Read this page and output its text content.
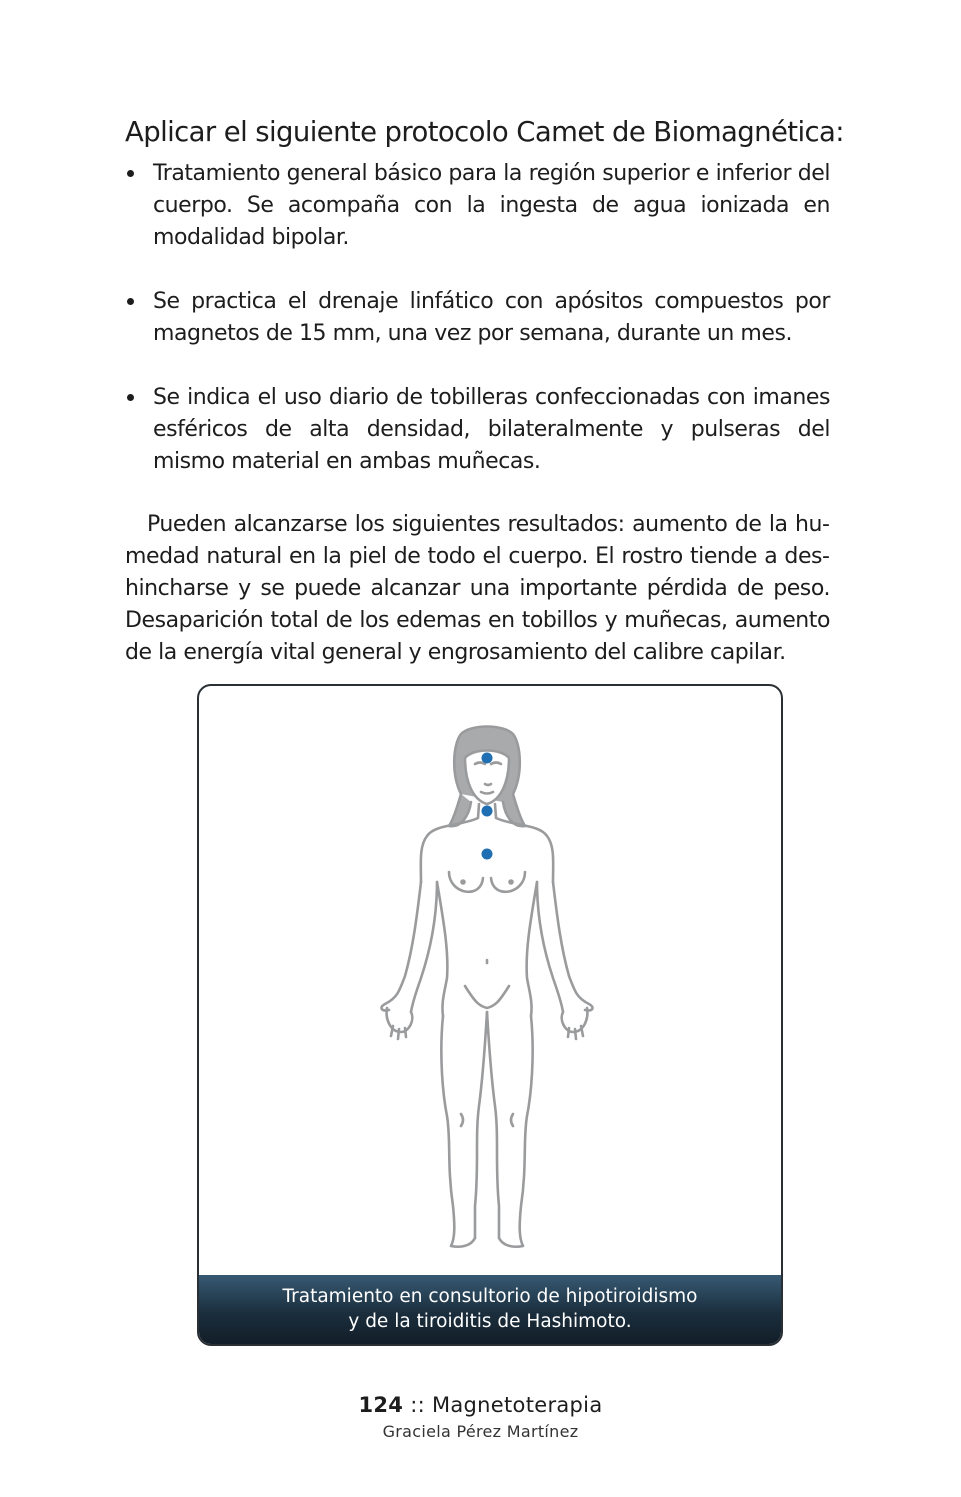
Aplicar el siguiente protocolo Camet de Biomagnética:
Tratamiento general básico para la región superior e inferior del cuerpo. Se acompaña con la ingesta de agua ionizada en modalidad bipolar.
Se practica el drenaje linfático con apósitos compuestos por magnetos de 15 mm, una vez por semana, durante un mes.
Se indica el uso diario de tobilleras confeccionadas con imanes esféricos de alta densidad, bilateralmente y pulseras del mismo material en ambas muñecas.

Pueden alcanzarse los siguientes resultados: aumento de la humedad natural en la piel de todo el cuerpo. El rostro tiende a deshincharse y se puede alcanzar una importante pérdida de peso. Desaparición total de los edemas en tobillos y muñecas, aumento de la energía vital general y engrosamiento del calibre capilar.

Tratamiento en consultorio de hipotiroidismo
y de la tiroiditis de Hashimoto.
124 :: Magnetoterapia
Graciela Pérez Martínez
